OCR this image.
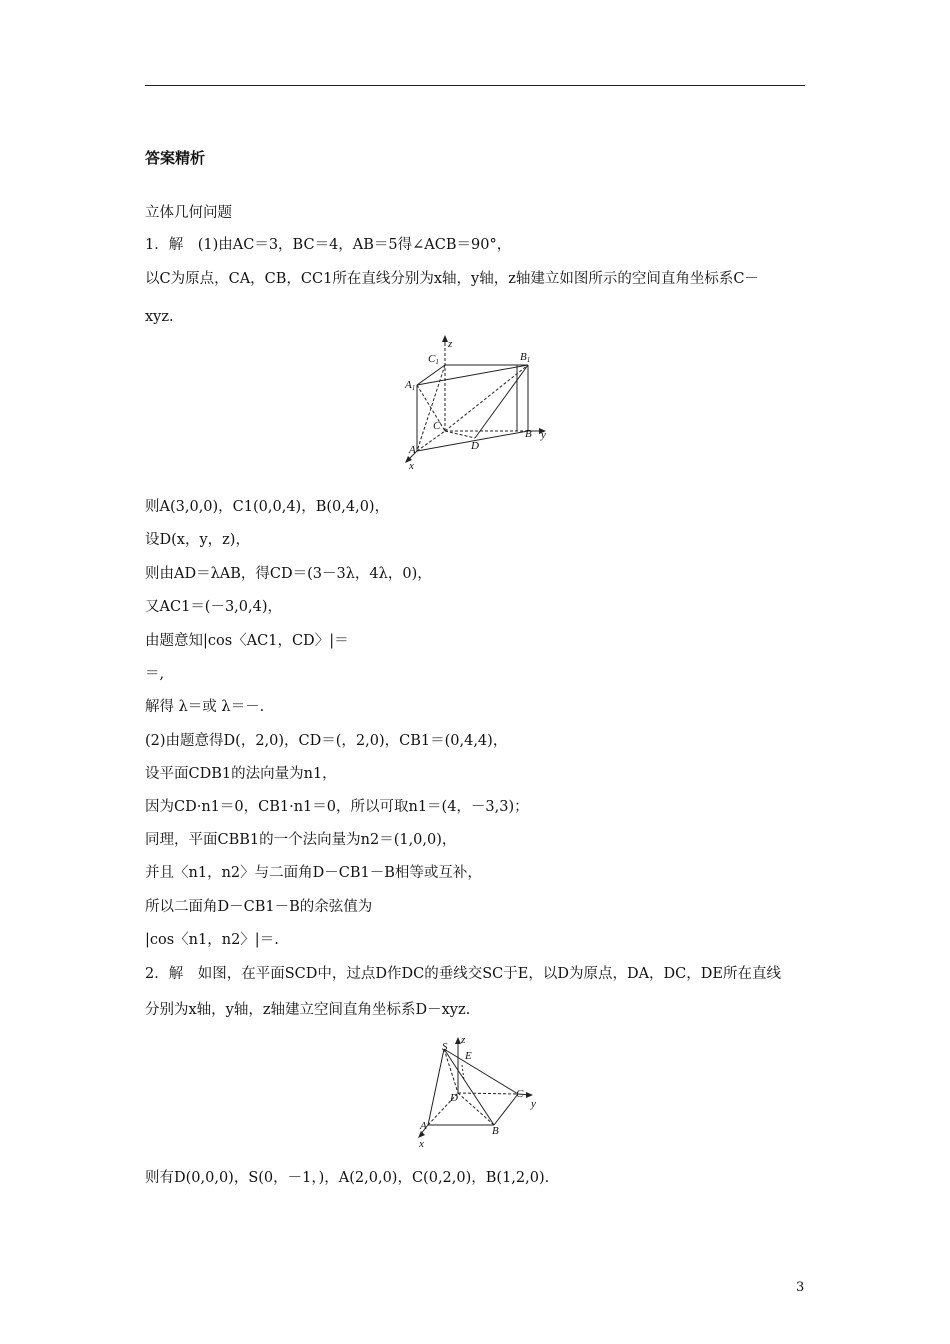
答案精析
立体几何问题
1．解　(1)由AC＝3，BC＝4，AB＝5得∠ACB＝90°，
以C为原点，CA，CB，CC1所在直线分别为x轴，y轴，z轴建立如图所示的空间直角坐标系C－
xyz.
C1
z
B1
A1
C
B y
A	D
x
则A(3,0,0)，C1(0,0,4)，B(0,4,0)，
设D(x，y，z)，
则由AD＝λAB，得CD＝(3－3λ，4λ，0)，
又AC1＝(－3,0,4)，
由题意知|cos〈AC1，CD〉|＝
＝,
解得 λ＝或 λ＝－.
(2)由题意得D(，2,0)，CD＝(，2,0)，CB1＝(0,4,4)，
设平面CDB1的法向量为n1，
因为CD·n1＝0，CB1·n1＝0，所以可取n1＝(4，－3,3)；
同理，平面CBB1的一个法向量为n2＝(1,0,0)，
并且〈n1，n2〉与二面角D－CB1－B相等或互补，
所以二面角D－CB1－B的余弦值为
|cos〈n1，n2〉|＝.
2．解　如图，在平面SCD中，过点D作DC的垂线交SC于E，以D为原点，DA，DC，DE所在直线
分别为x轴，y轴，z轴建立空间直角坐标系D－xyz.
S
z
E
D	C
y
A	B
x
则有D(0,0,0)，S(0，－1，)，A(2,0,0)，C(0,2,0)，B(1,2,0).
3
